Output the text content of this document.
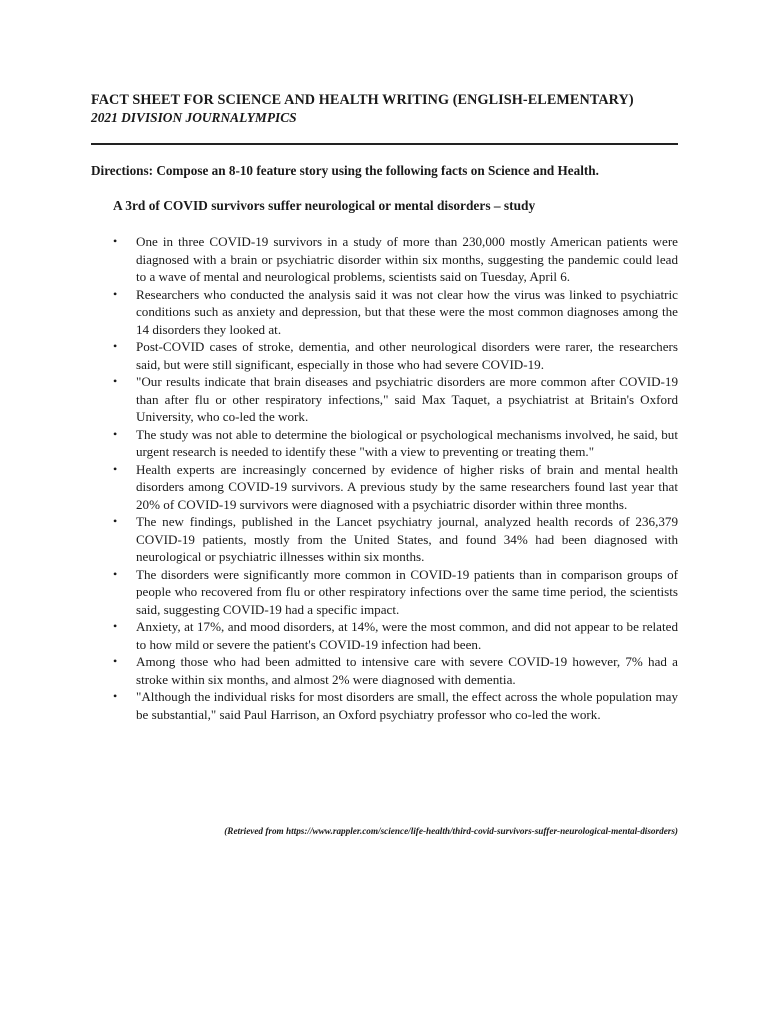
FACT SHEET FOR SCIENCE AND HEALTH WRITING (ENGLISH-ELEMENTARY)
2021 DIVISION JOURNALYMPICS

Directions: Compose an 8-10 feature story using the following facts on Science and Health.

A 3rd of COVID survivors suffer neurological or mental disorders – study

• One in three COVID-19 survivors in a study of more than 230,000 mostly American patients were diagnosed with a brain or psychiatric disorder within six months, suggesting the pandemic could lead to a wave of mental and neurological problems, scientists said on Tuesday, April 6.
• Researchers who conducted the analysis said it was not clear how the virus was linked to psychiatric conditions such as anxiety and depression, but that these were the most common diagnoses among the 14 disorders they looked at.
• Post-COVID cases of stroke, dementia, and other neurological disorders were rarer, the researchers said, but were still significant, especially in those who had severe COVID-19.
• "Our results indicate that brain diseases and psychiatric disorders are more common after COVID-19 than after flu or other respiratory infections," said Max Taquet, a psychiatrist at Britain's Oxford University, who co-led the work.
• The study was not able to determine the biological or psychological mechanisms involved, he said, but urgent research is needed to identify these "with a view to preventing or treating them."
• Health experts are increasingly concerned by evidence of higher risks of brain and mental health disorders among COVID-19 survivors. A previous study by the same researchers found last year that 20% of COVID-19 survivors were diagnosed with a psychiatric disorder within three months.
• The new findings, published in the Lancet psychiatry journal, analyzed health records of 236,379 COVID-19 patients, mostly from the United States, and found 34% had been diagnosed with neurological or psychiatric illnesses within six months.
• The disorders were significantly more common in COVID-19 patients than in comparison groups of people who recovered from flu or other respiratory infections over the same time period, the scientists said, suggesting COVID-19 had a specific impact.
• Anxiety, at 17%, and mood disorders, at 14%, were the most common, and did not appear to be related to how mild or severe the patient's COVID-19 infection had been.
• Among those who had been admitted to intensive care with severe COVID-19 however, 7% had a stroke within six months, and almost 2% were diagnosed with dementia.
• "Although the individual risks for most disorders are small, the effect across the whole population may be substantial," said Paul Harrison, an Oxford psychiatry professor who co-led the work.

(Retrieved from https://www.rappler.com/science/life-health/third-covid-survivors-suffer-neurological-mental-disorders)
